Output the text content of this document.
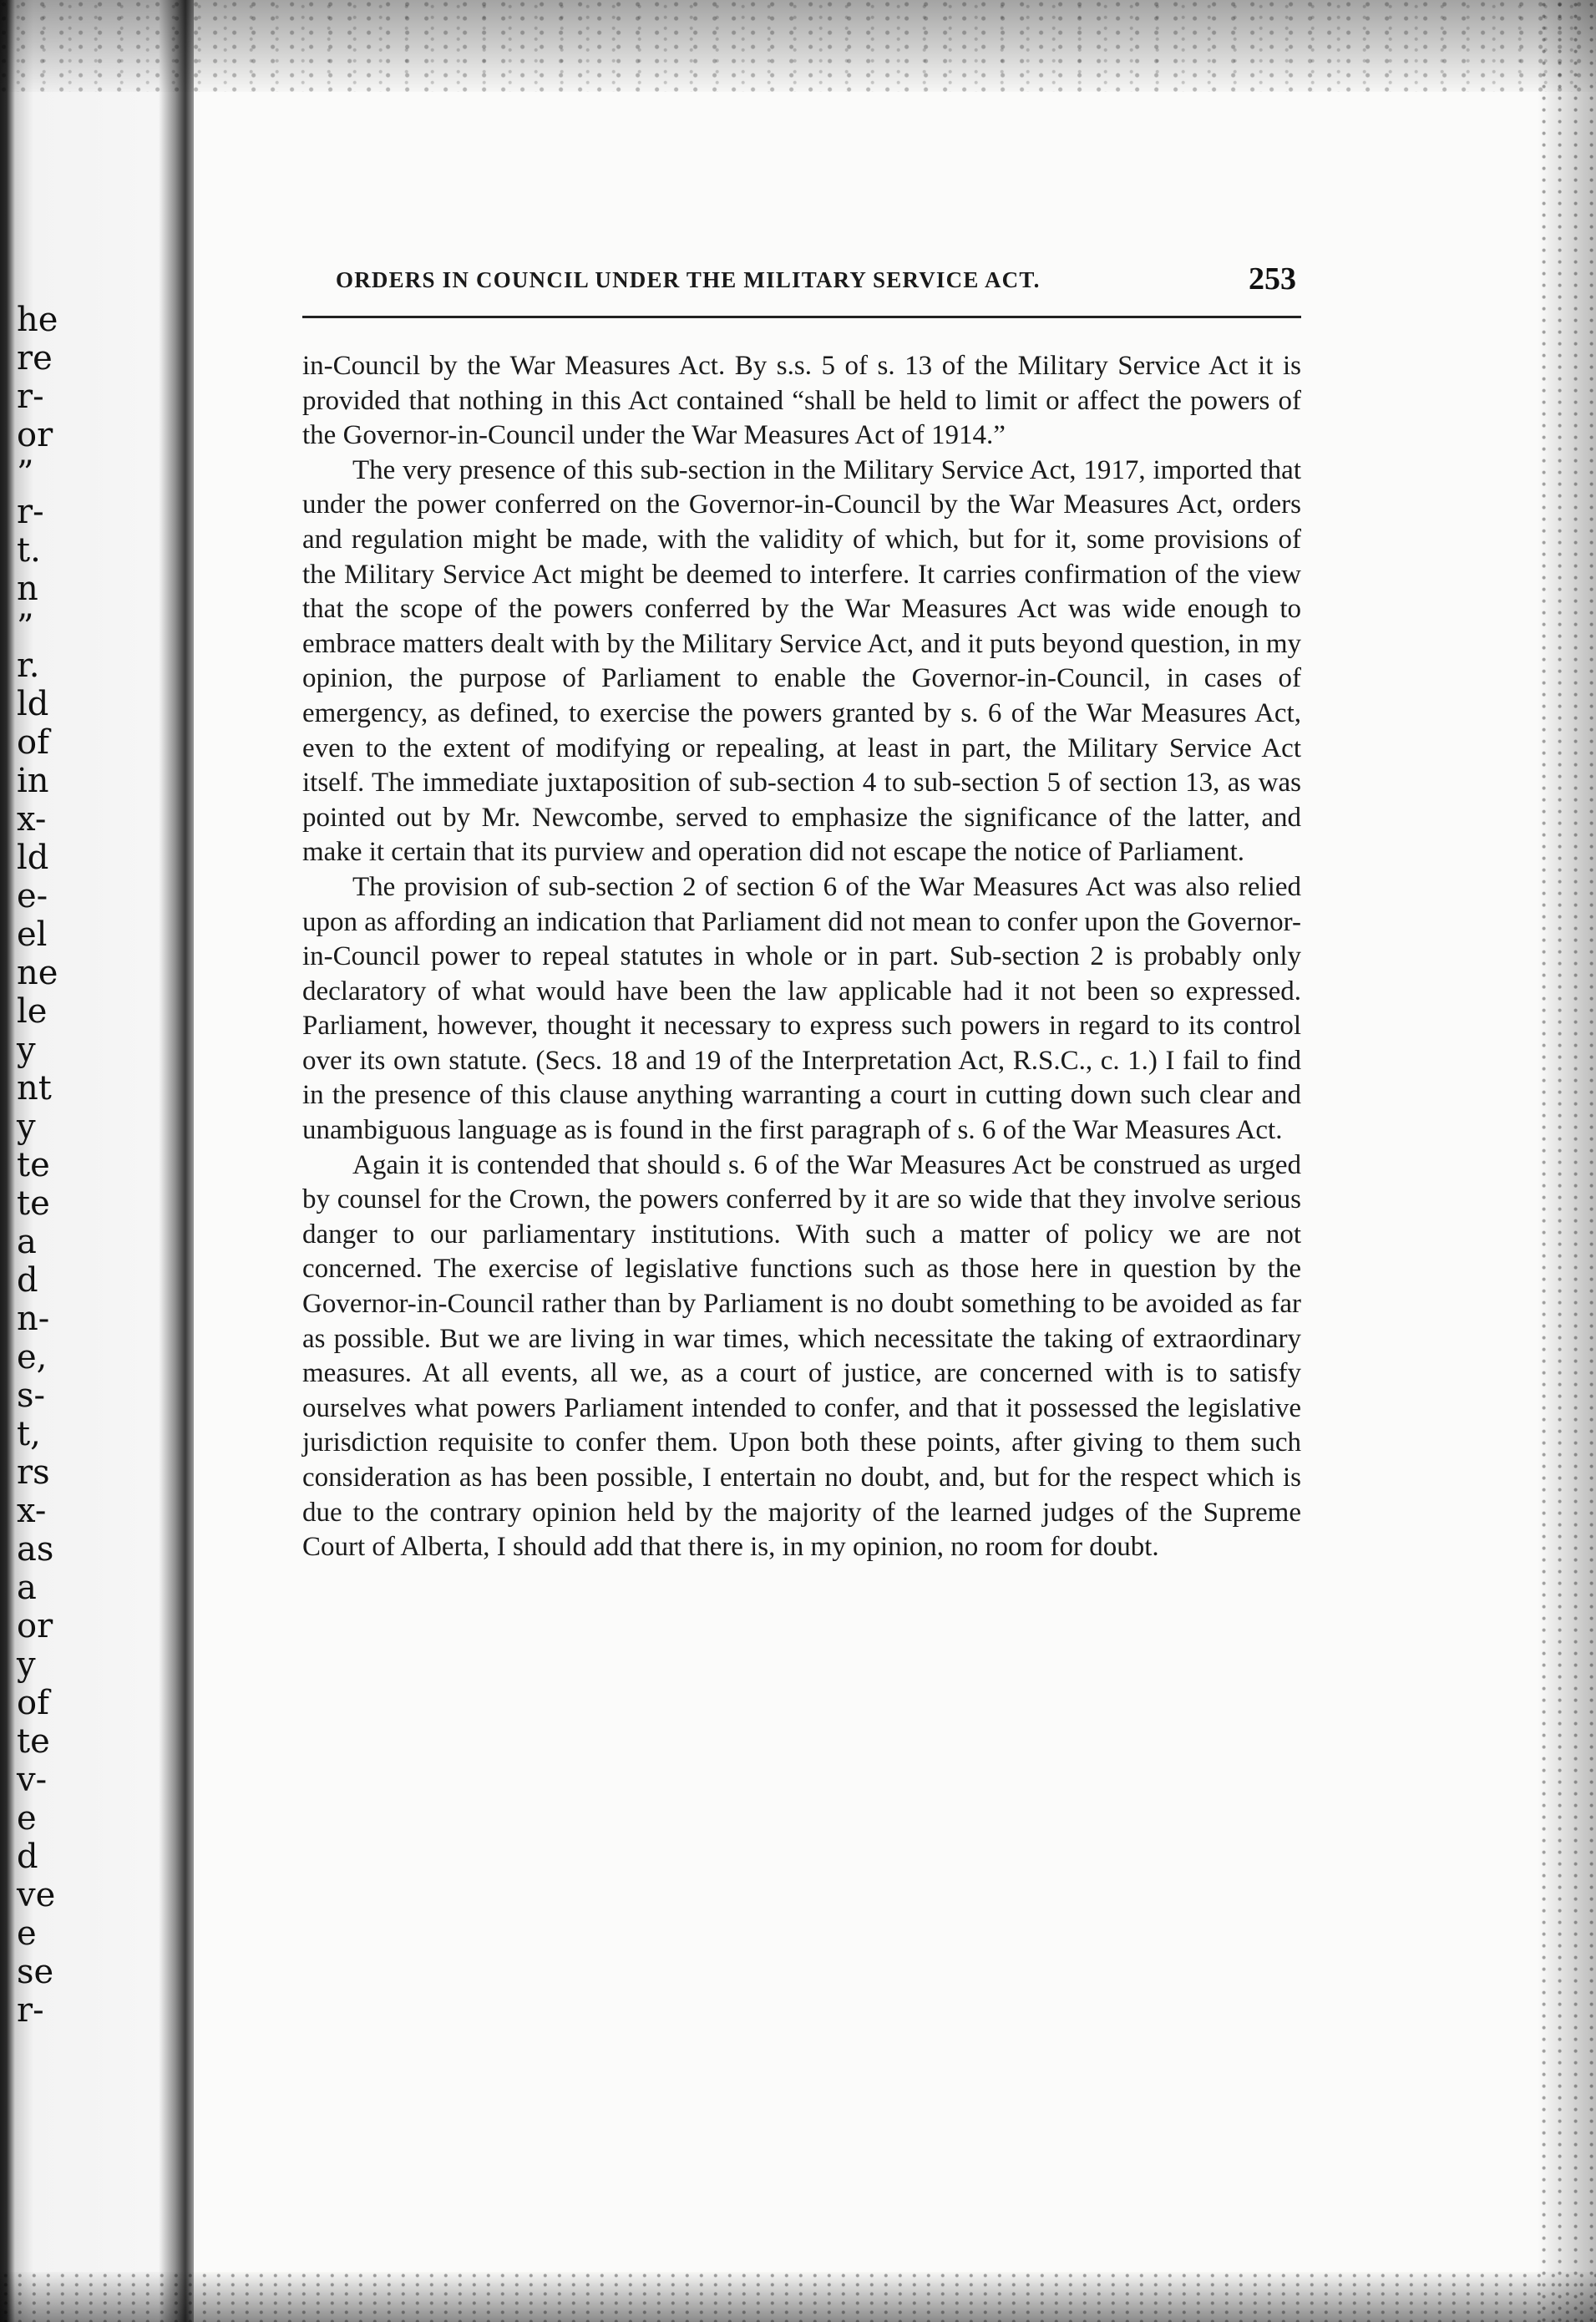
he
re
r-
or
”
r-
t.
n
”
r.
ld
of
in
x-
ld
e-
el
ne
le
y
nt
y
te
te
a
d
n-
e,
s-
t,
rs
x-
as
a
or
y
of
te
v-
e
d
ve
e
se
r-
ORDERS IN COUNCIL UNDER THE MILITARY SERVICE ACT.	253

in-Council by the War Measures Act. By s.s. 5 of s. 13 of the Military Service Act it is provided that nothing in this Act contained “shall be held to limit or affect the powers of the Governor-in-Council under the War Measures Act of 1914.”

The very presence of this sub-section in the Military Service Act, 1917, imported that under the power conferred on the Governor-in-Council by the War Measures Act, orders and regulation might be made, with the validity of which, but for it, some provisions of the Military Service Act might be deemed to interfere. It carries confirmation of the view that the scope of the powers conferred by the War Measures Act was wide enough to embrace matters dealt with by the Military Service Act, and it puts beyond question, in my opinion, the purpose of Parliament to enable the Governor-in-Council, in cases of emergency, as defined, to exercise the powers granted by s. 6 of the War Measures Act, even to the extent of modifying or repealing, at least in part, the Military Service Act itself. The immediate juxtaposition of sub-section 4 to sub-section 5 of section 13, as was pointed out by Mr. Newcombe, served to emphasize the significance of the latter, and make it certain that its purview and operation did not escape the notice of Parliament.

The provision of sub-section 2 of section 6 of the War Measures Act was also relied upon as affording an indication that Parliament did not mean to confer upon the Governor-in-Council power to repeal statutes in whole or in part. Sub-section 2 is probably only declaratory of what would have been the law applicable had it not been so expressed. Parliament, however, thought it necessary to express such powers in regard to its control over its own statute. (Secs. 18 and 19 of the Interpretation Act, R.S.C., c. 1.) I fail to find in the presence of this clause anything warranting a court in cutting down such clear and unambiguous language as is found in the first paragraph of s. 6 of the War Measures Act.

Again it is contended that should s. 6 of the War Measures Act be construed as urged by counsel for the Crown, the powers conferred by it are so wide that they involve serious danger to our parliamentary institutions. With such a matter of policy we are not concerned. The exercise of legislative functions such as those here in question by the Governor-in-Council rather than by Parliament is no doubt something to be avoided as far as possible. But we are living in war times, which necessitate the taking of extraordinary measures. At all events, all we, as a court of justice, are concerned with is to satisfy ourselves what powers Parliament intended to confer, and that it possessed the legislative jurisdiction requisite to confer them. Upon both these points, after giving to them such consideration as has been possible, I entertain no doubt, and, but for the respect which is due to the contrary opinion held by the majority of the learned judges of the Supreme Court of Alberta, I should add that there is, in my opinion, no room for doubt.
